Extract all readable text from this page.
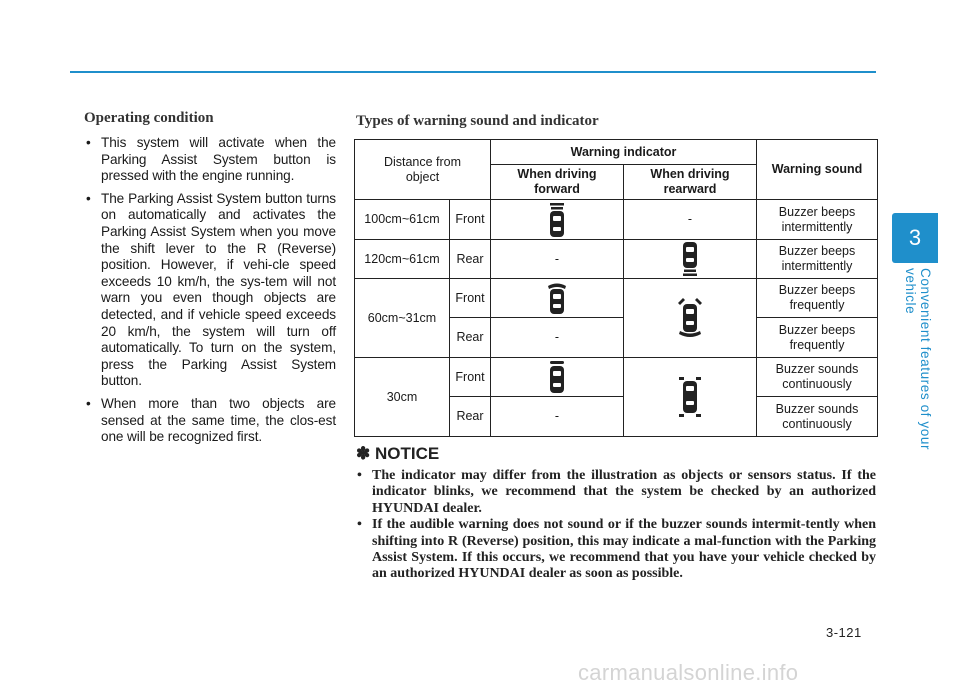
3
Convenient features of your vehicle
Operating condition
• This system will activate when the Parking Assist System button is pressed with the engine running.
• The Parking Assist System button turns on automatically and activates the Parking Assist System when you move the shift lever to the R (Reverse) position. However, if vehi-cle speed exceeds 10 km/h, the sys-tem will not warn you even though objects are detected, and if vehicle speed exceeds 20 km/h, the system will turn off automatically. To turn on the system, press the Parking Assist System button.
• When more than two objects are sensed at the same time, the clos-est one will be recognized first.
Types of warning sound and indicator
Distance from object		Warning indicator		Warning sound
		When driving forward	When driving rearward	
100cm~61cm	Front		-	Buzzer beeps intermittently
120cm~61cm	Rear	-		Buzzer beeps intermittently
60cm~31cm	Front			Buzzer beeps frequently
	Rear	-		Buzzer beeps frequently
30cm	Front			Buzzer sounds continuously
	Rear	-		Buzzer sounds continuously
✽ NOTICE
• The indicator may differ from the illustration as objects or sensors status. If the indicator blinks, we recommend that the system be checked by an authorized HYUNDAI dealer.
• If the audible warning does not sound or if the buzzer sounds intermit-tently when shifting into R (Reverse) position, this may indicate a mal-function with the Parking Assist System. If this occurs, we recommend that you have your vehicle checked by an authorized HYUNDAI dealer as soon as possible.
3-121
carmanualsonline.info
